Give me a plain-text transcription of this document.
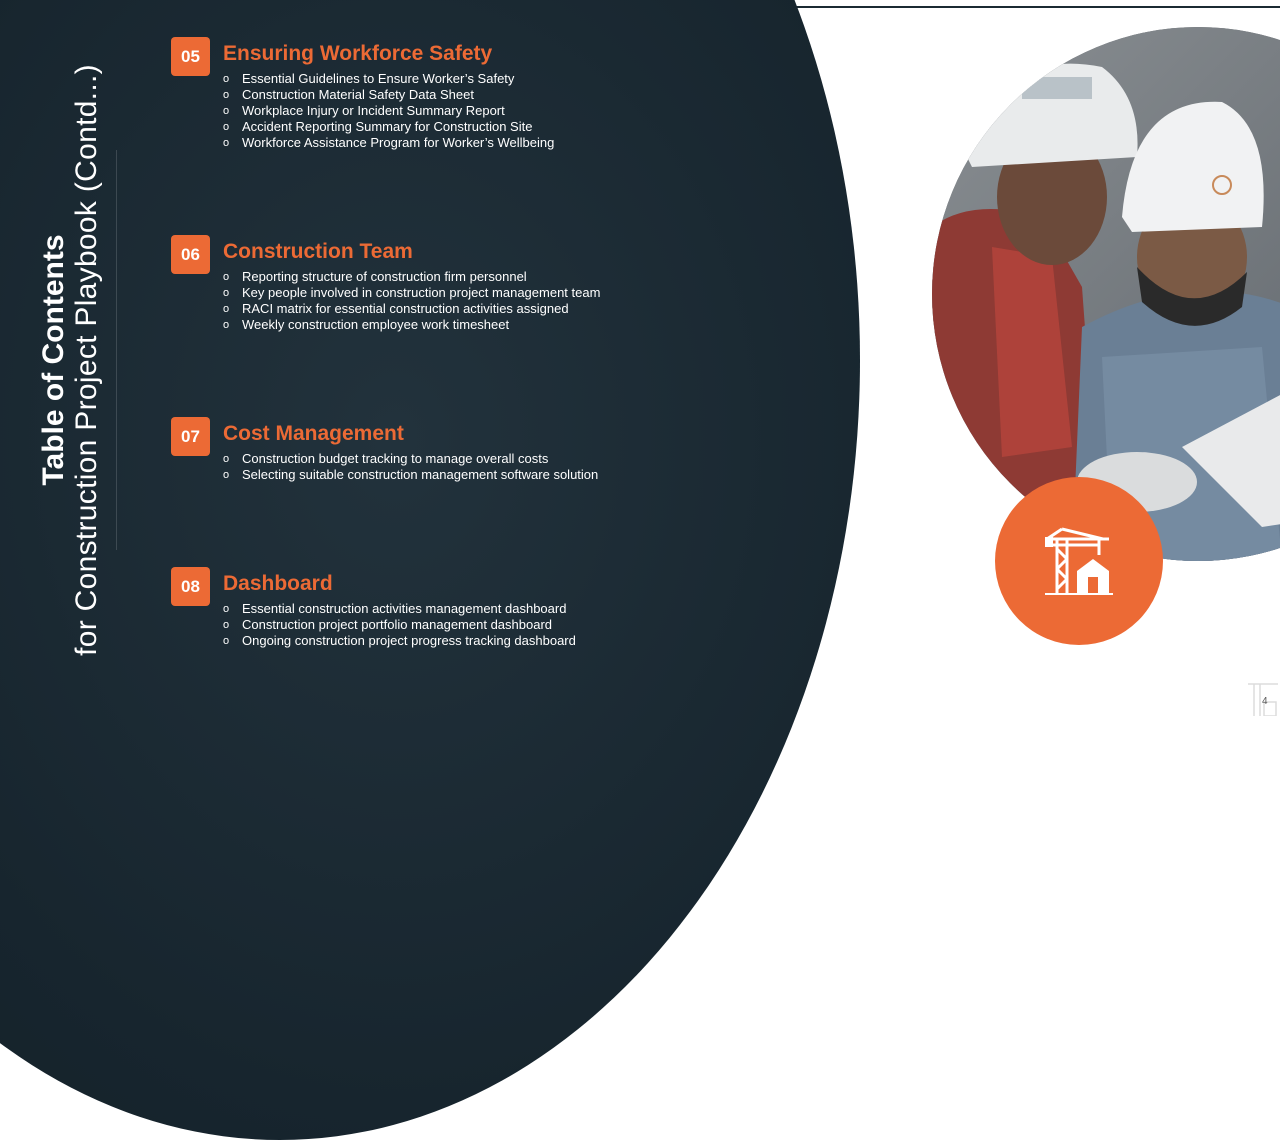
Table of Contents for Construction Project Playbook (Contd...)
05	Ensuring Workforce Safety
o Essential Guidelines to Ensure Worker’s Safety
o Construction Material Safety Data Sheet
o Workplace Injury or Incident Summary Report
o Accident Reporting Summary for Construction Site
o Workforce Assistance Program for Worker’s Wellbeing
06	Construction Team
o Reporting structure of construction firm personnel
o Key people involved in construction project management team
o RACI matrix for essential construction activities assigned
o Weekly construction employee work timesheet
07	Cost Management
o Construction budget tracking to manage overall costs
o Selecting suitable construction management software solution
08	Dashboard
o Essential construction activities management dashboard
o Construction project portfolio management dashboard
o Ongoing construction project progress tracking dashboard
4
